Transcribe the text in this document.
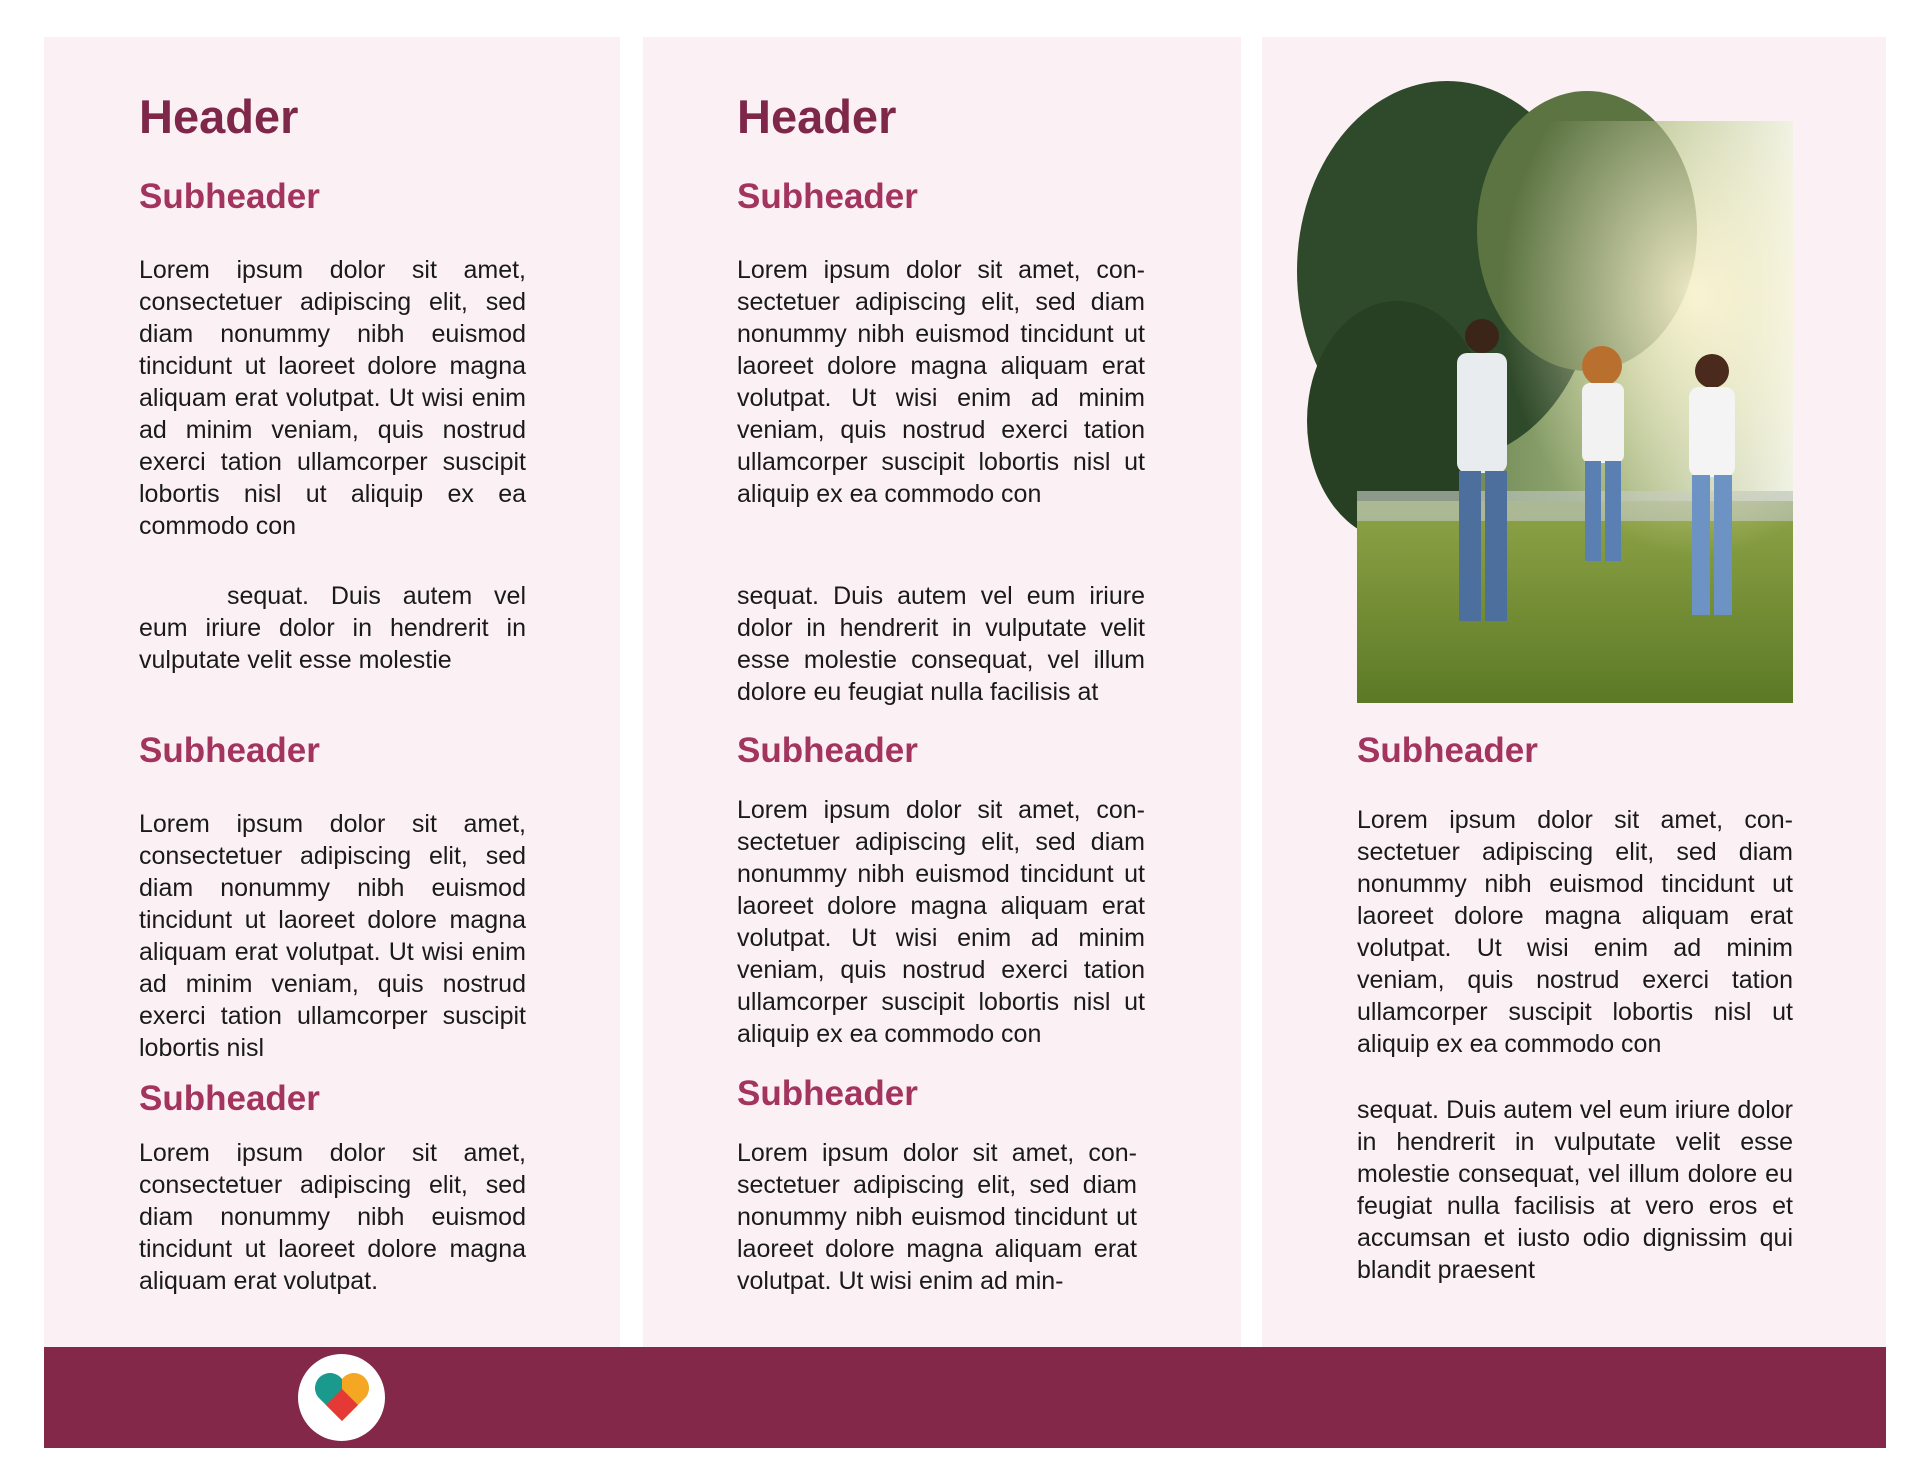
Header
Subheader

Lorem ipsum dolor sit amet, consectetuer adipiscing elit, sed diam nonummy nibh euismod tincidunt ut laoreet dolore magna aliquam erat volutpat. Ut wisi enim ad minim veniam, quis nostrud exerci tation ullamcorper suscipit lobortis nisl ut aliquip ex ea commodo con

sequat. Duis autem vel eum iriure dolor in hendrerit in vulputate velit esse molestie

Subheader

Lorem ipsum dolor sit amet, consectetuer adipiscing elit, sed diam nonummy nibh euismod tincidunt ut laoreet dolore magna aliquam erat volutpat. Ut wisi enim ad minim veniam, quis nostrud exerci tation ullamcorper suscipit lobortis nisl

Subheader

Lorem ipsum dolor sit amet, consectetuer adipiscing elit, sed diam nonummy nibh euismod tincidunt ut laoreet dolore magna aliquam erat volutpat.

Header
Subheader

Lorem ipsum dolor sit amet, consectetuer adipiscing elit, sed diam nonummy nibh euismod tincidunt ut laoreet dolore magna aliquam erat volutpat. Ut wisi enim ad minim veniam, quis nostrud exerci tation ullamcorper suscipit lobortis nisl ut aliquip ex ea commodo con

sequat. Duis autem vel eum iriure dolor in hendrerit in vulputate velit esse molestie consequat, vel illum dolore eu feugiat nulla facilisis at

Subheader

Lorem ipsum dolor sit amet, consectetuer adipiscing elit, sed diam nonummy nibh euismod tincidunt ut laoreet dolore magna aliquam erat volutpat. Ut wisi enim ad minim veniam, quis nostrud exerci tation ullamcorper suscipit lobortis nisl ut aliquip ex ea commodo con

Subheader

Lorem ipsum dolor sit amet, consectetuer adipiscing elit, sed diam nonummy nibh euismod tincidunt ut laoreet dolore magna aliquam erat volutpat. Ut wisi enim ad min-

Subheader

Lorem ipsum dolor sit amet, consectetuer adipiscing elit, sed diam nonummy nibh euismod tincidunt ut laoreet dolore magna aliquam erat volutpat. Ut wisi enim ad minim veniam, quis nostrud exerci tation ullamcorper suscipit lobortis nisl ut aliquip ex ea commodo con

sequat. Duis autem vel eum iriure dolor in hendrerit in vulputate velit esse molestie consequat, vel illum dolore eu feugiat nulla facilisis at vero eros et accumsan et iusto odio dignissim qui blandit praesent
